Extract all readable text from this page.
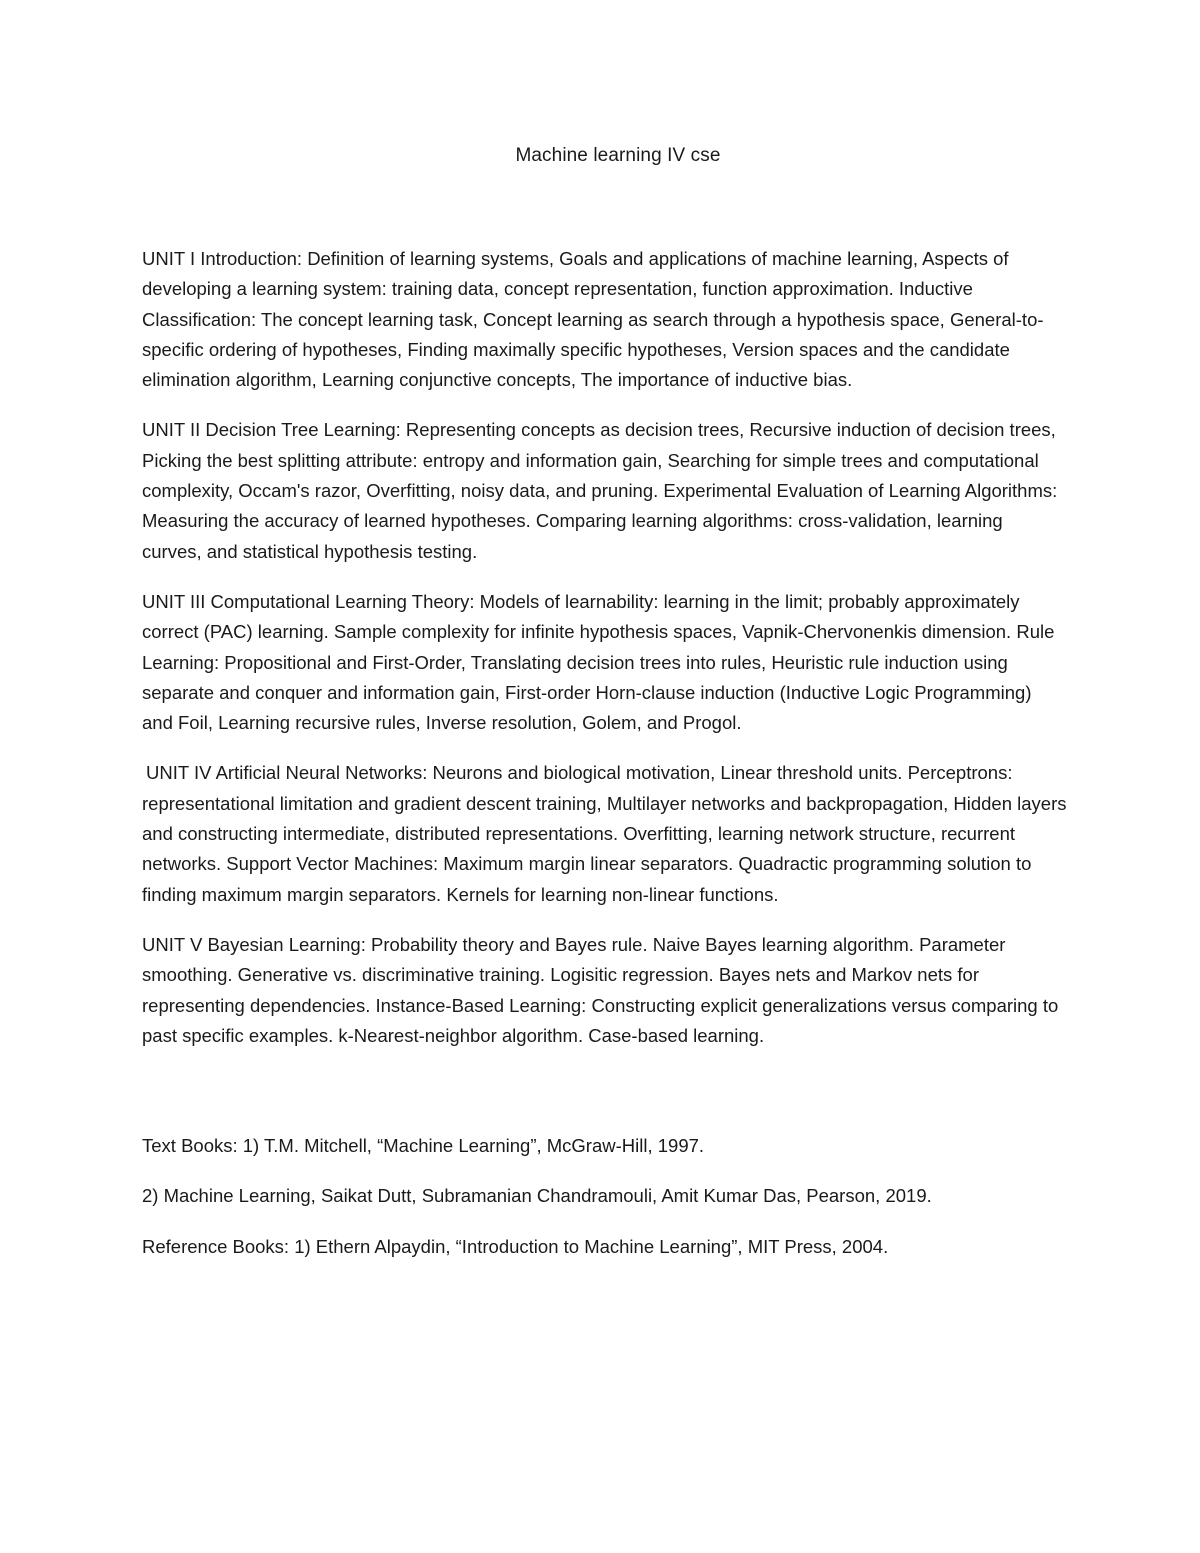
Machine learning IV cse

UNIT I Introduction: Definition of learning systems, Goals and applications of machine learning, Aspects of developing a learning system: training data, concept representation, function approximation. Inductive Classification: The concept learning task, Concept learning as search through a hypothesis space, General-to-specific ordering of hypotheses, Finding maximally specific hypotheses, Version spaces and the candidate elimination algorithm, Learning conjunctive concepts, The importance of inductive bias.

UNIT II Decision Tree Learning: Representing concepts as decision trees, Recursive induction of decision trees, Picking the best splitting attribute: entropy and information gain, Searching for simple trees and computational complexity, Occam's razor, Overfitting, noisy data, and pruning. Experimental Evaluation of Learning Algorithms: Measuring the accuracy of learned hypotheses. Comparing learning algorithms: cross-validation, learning curves, and statistical hypothesis testing.

UNIT III Computational Learning Theory: Models of learnability: learning in the limit; probably approximately correct (PAC) learning. Sample complexity for infinite hypothesis spaces, Vapnik-Chervonenkis dimension. Rule Learning: Propositional and First-Order, Translating decision trees into rules, Heuristic rule induction using separate and conquer and information gain, First-order Horn-clause induction (Inductive Logic Programming) and Foil, Learning recursive rules, Inverse resolution, Golem, and Progol.

UNIT IV Artificial Neural Networks: Neurons and biological motivation, Linear threshold units. Perceptrons: representational limitation and gradient descent training, Multilayer networks and backpropagation, Hidden layers and constructing intermediate, distributed representations. Overfitting, learning network structure, recurrent networks. Support Vector Machines: Maximum margin linear separators. Quadractic programming solution to finding maximum margin separators. Kernels for learning non-linear functions.

UNIT V Bayesian Learning: Probability theory and Bayes rule. Naive Bayes learning algorithm. Parameter smoothing. Generative vs. discriminative training. Logisitic regression. Bayes nets and Markov nets for representing dependencies. Instance-Based Learning: Constructing explicit generalizations versus comparing to past specific examples. k-Nearest-neighbor algorithm. Case-based learning.

Text Books: 1) T.M. Mitchell, “Machine Learning”, McGraw-Hill, 1997.

2) Machine Learning, Saikat Dutt, Subramanian Chandramouli, Amit Kumar Das, Pearson, 2019.

Reference Books: 1) Ethern Alpaydin, “Introduction to Machine Learning”, MIT Press, 2004.
